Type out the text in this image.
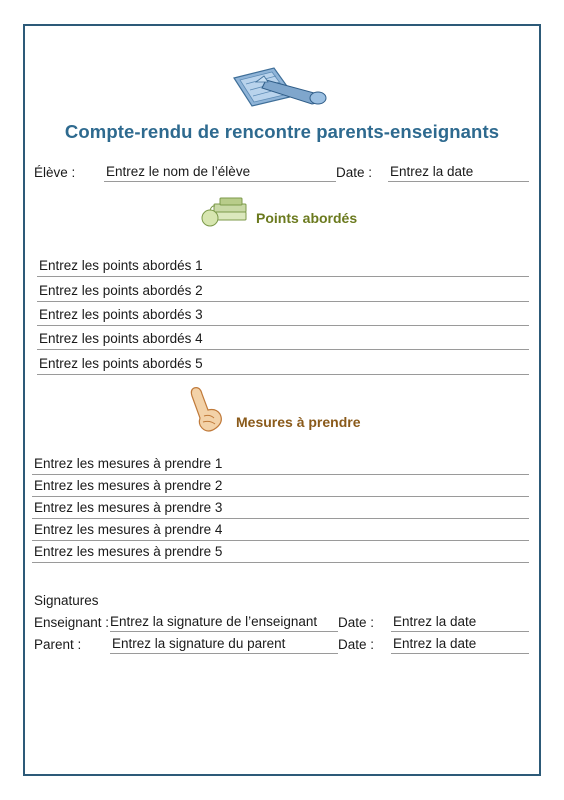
Compte-rendu de rencontre parents-enseignants
Élève : Entrez le nom de l’élève	Date : Entrez la date
Points abordés
Entrez les points abordés 1
Entrez les points abordés 2
Entrez les points abordés 3
Entrez les points abordés 4
Entrez les points abordés 5
Mesures à prendre
Entrez les mesures à prendre 1
Entrez les mesures à prendre 2
Entrez les mesures à prendre 3
Entrez les mesures à prendre 4
Entrez les mesures à prendre 5
Signatures
Enseignant : Entrez la signature de l’enseignant	Date : Entrez la date
Parent : Entrez la signature du parent	Date : Entrez la date
